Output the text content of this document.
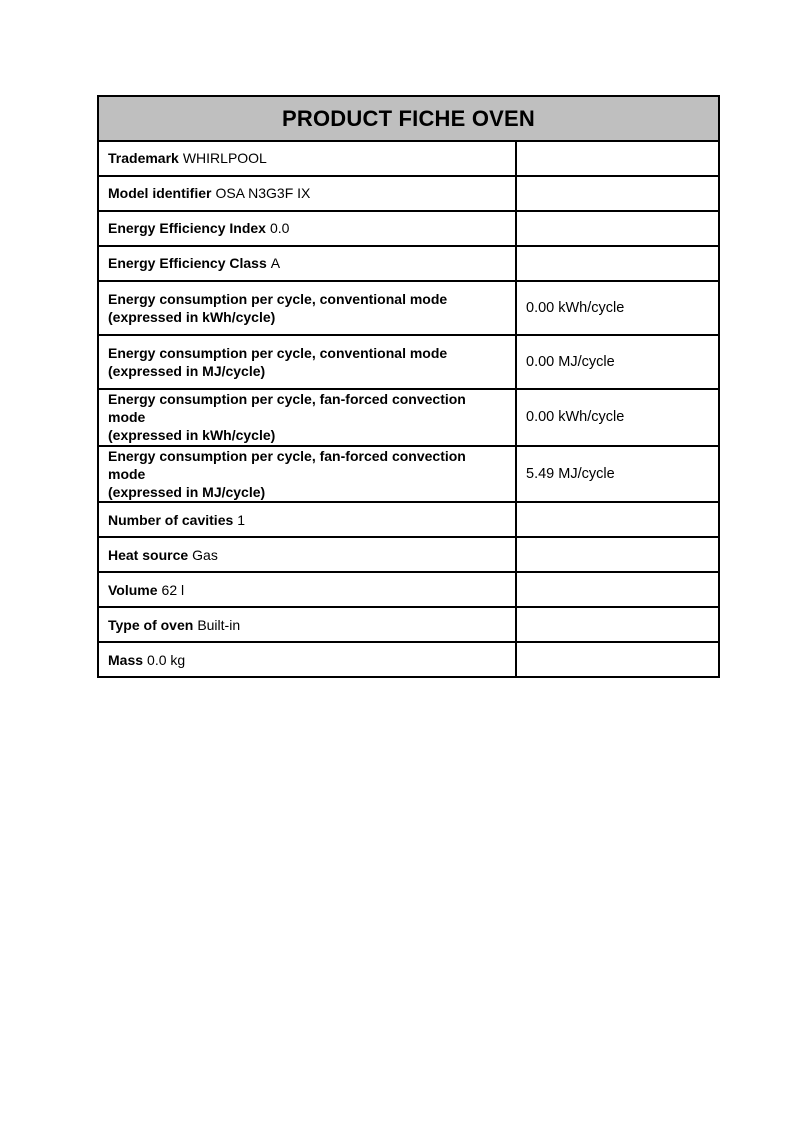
PRODUCT FICHE OVEN	
Trademark WHIRLPOOL	
Model identifier OSA N3G3F IX	
Energy Efficiency Index 0.0	
Energy Efficiency Class A	
Energy consumption per cycle, conventional mode
(expressed in kWh/cycle)	0.00 kWh/cycle
Energy consumption per cycle, conventional mode
(expressed in MJ/cycle)	0.00 MJ/cycle
Energy consumption per cycle, fan-forced convection mode
(expressed in kWh/cycle)	0.00 kWh/cycle
Energy consumption per cycle, fan-forced convection mode
(expressed in MJ/cycle)	5.49 MJ/cycle
Number of cavities 1	
Heat source Gas	
Volume 62 l	
Type of oven Built-in	
Mass 0.0 kg	
